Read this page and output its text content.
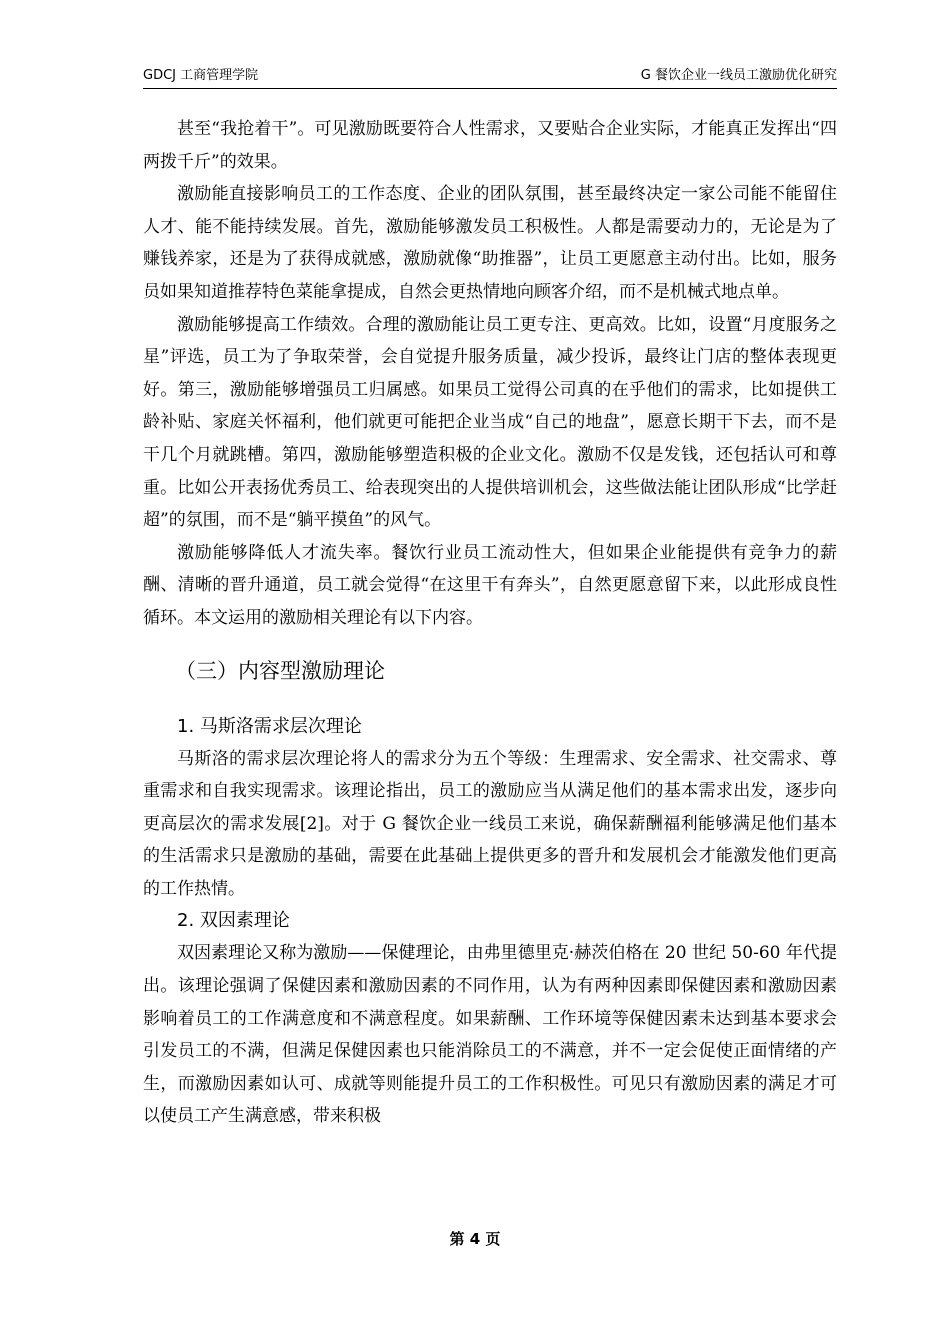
GDCJ 工商管理学院	G 餐饮企业一线员工激励优化研究

甚至“我抢着干”。可见激励既要符合人性需求，又要贴合企业实际，才能真正发挥出“四两拨千斤”的效果。

激励能直接影响员工的工作态度、企业的团队氛围，甚至最终决定一家公司能不能留住人才、能不能持续发展。首先，激励能够激发员工积极性。人都是需要动力的，无论是为了赚钱养家，还是为了获得成就感，激励就像“助推器”，让员工更愿意主动付出。比如，服务员如果知道推荐特色菜能拿提成，自然会更热情地向顾客介绍，而不是机械式地点单。

激励能够提高工作绩效。合理的激励能让员工更专注、更高效。比如，设置“月度服务之星”评选，员工为了争取荣誉，会自觉提升服务质量，减少投诉，最终让门店的整体表现更好。第三，激励能够增强员工归属感。如果员工觉得公司真的在乎他们的需求，比如提供工龄补贴、家庭关怀福利，他们就更可能把企业当成“自己的地盘”，愿意长期干下去，而不是干几个月就跳槽。第四，激励能够塑造积极的企业文化。激励不仅是发钱，还包括认可和尊重。比如公开表扬优秀员工、给表现突出的人提供培训机会，这些做法能让团队形成“比学赶超”的氛围，而不是“躺平摸鱼”的风气。

激励能够降低人才流失率。餐饮行业员工流动性大，但如果企业能提供有竞争力的薪酬、清晰的晋升通道，员工就会觉得“在这里干有奔头”，自然更愿意留下来，以此形成良性循环。本文运用的激励相关理论有以下内容。

（三）内容型激励理论
1. 马斯洛需求层次理论

马斯洛的需求层次理论将人的需求分为五个等级：生理需求、安全需求、社交需求、尊重需求和自我实现需求。该理论指出，员工的激励应当从满足他们的基本需求出发，逐步向更高层次的需求发展[2]。对于 G 餐饮企业一线员工来说，确保薪酬福利能够满足他们基本的生活需求只是激励的基础，需要在此基础上提供更多的晋升和发展机会才能激发他们更高的工作热情。

2. 双因素理论

双因素理论又称为激励——保健理论，由弗里德里克·赫茨伯格在 20 世纪 50-60 年代提出。该理论强调了保健因素和激励因素的不同作用，认为有两种因素即保健因素和激励因素影响着员工的工作满意度和不满意程度。如果薪酬、工作环境等保健因素未达到基本要求会引发员工的不满，但满足保健因素也只能消除员工的不满意，并不一定会促使正面情绪的产生，而激励因素如认可、成就等则能提升员工的工作积极性。可见只有激励因素的满足才可以使员工产生满意感，带来积极

第 4 页
